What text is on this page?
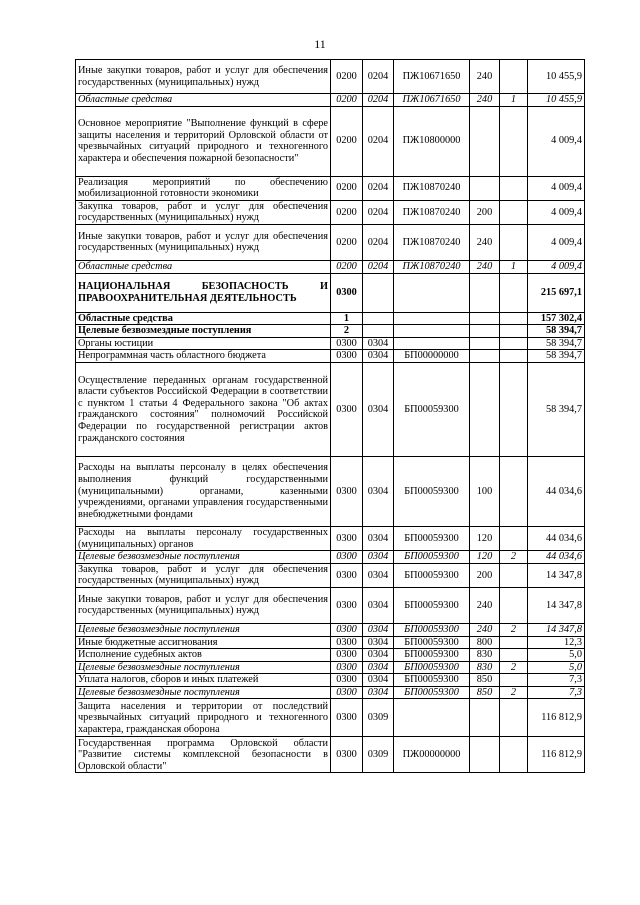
11
Иные закупки товаров, работ и услуг для обеспечения государственных (муниципальных) нужд	0200	0204	ПЖ10671650	240		10 455,9
Областные средства	0200	0204	ПЖ10671650	240	1	10 455,9
Основное мероприятие "Выполнение функций в сфере защиты населения и территорий Орловской области от чрезвычайных ситуаций природного и техногенного характера и обеспечения пожарной безопасности"	0200	0204	ПЖ10800000			4 009,4
Реализация мероприятий по обеспечению мобилизационной готовности экономики	0200	0204	ПЖ10870240			4 009,4
Закупка товаров, работ и услуг для обеспечения государственных (муниципальных) нужд	0200	0204	ПЖ10870240	200		4 009,4
Иные закупки товаров, работ и услуг для обеспечения государственных (муниципальных) нужд	0200	0204	ПЖ10870240	240		4 009,4
Областные средства	0200	0204	ПЖ10870240	240	1	4 009,4
НАЦИОНАЛЬНАЯ БЕЗОПАСНОСТЬ И ПРАВООХРАНИТЕЛЬНАЯ ДЕЯТЕЛЬНОСТЬ	0300					215 697,1
Областные средства	1					157 302,4
Целевые безвозмездные поступления	2					58 394,7
Органы юстиции	0300	0304				58 394,7
Непрограммная часть областного бюджета	0300	0304	БП00000000			58 394,7
Осуществление переданных органам государственной власти субъектов Российской Федерации в соответствии с пунктом 1 статьи 4 Федерального закона "Об актах гражданского состояния" полномочий Российской Федерации по государственной регистрации актов гражданского состояния	0300	0304	БП00059300			58 394,7
Расходы на выплаты персоналу в целях обеспечения выполнения функций государственными (муниципальными) органами, казенными учреждениями, органами управления государственными внебюджетными фондами	0300	0304	БП00059300	100		44 034,6
Расходы на выплаты персоналу государственных (муниципальных) органов	0300	0304	БП00059300	120		44 034,6
Целевые безвозмездные поступления	0300	0304	БП00059300	120	2	44 034,6
Закупка товаров, работ и услуг для обеспечения государственных (муниципальных) нужд	0300	0304	БП00059300	200		14 347,8
Иные закупки товаров, работ и услуг для обеспечения государственных (муниципальных) нужд	0300	0304	БП00059300	240		14 347,8
Целевые безвозмездные поступления	0300	0304	БП00059300	240	2	14 347,8
Иные бюджетные ассигнования	0300	0304	БП00059300	800		12,3
Исполнение судебных актов	0300	0304	БП00059300	830		5,0
Целевые безвозмездные поступления	0300	0304	БП00059300	830	2	5,0
Уплата налогов, сборов и иных платежей	0300	0304	БП00059300	850		7,3
Целевые безвозмездные поступления	0300	0304	БП00059300	850	2	7,3
Защита населения и территории от последствий чрезвычайных ситуаций природного и техногенного характера, гражданская оборона	0300	0309				116 812,9
Государственная программа Орловской области "Развитие системы комплексной безопасности в Орловской области"	0300	0309	ПЖ00000000			116 812,9
